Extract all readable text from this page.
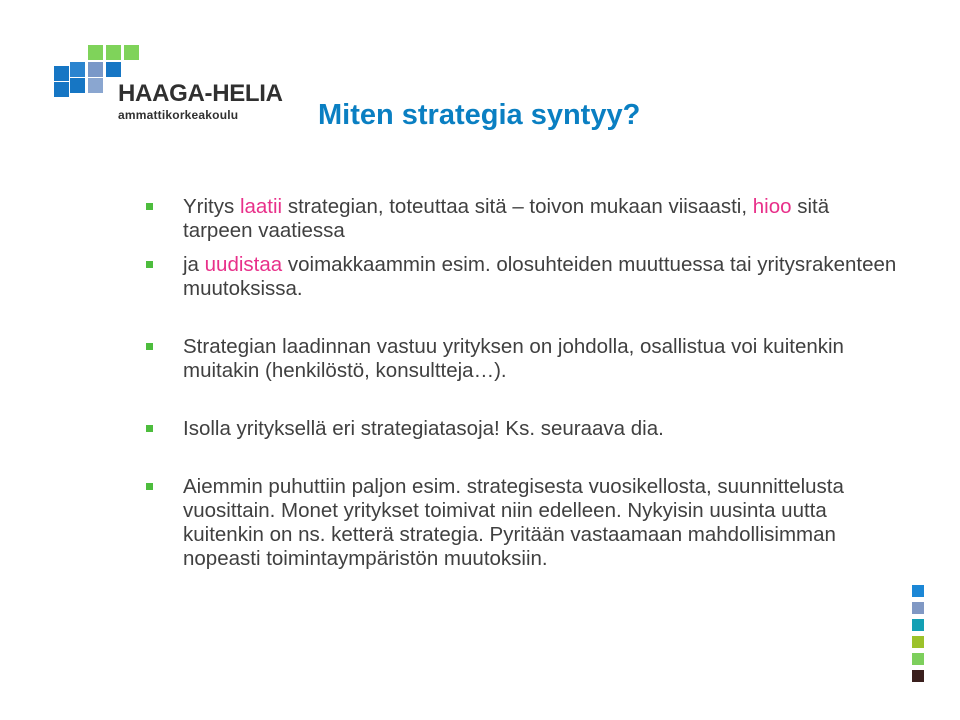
HAAGA-HELIA
ammattikorkeakoulu	Miten strategia syntyy?
Yritys laatii strategian, toteuttaa sitä – toivon mukaan viisaasti, hioo sitä tarpeen vaatiessa
ja uudistaa voimakkaammin esim. olosuhteiden muuttuessa tai yritysrakenteen muutoksissa.
Strategian laadinnan vastuu yrityksen on johdolla, osallistua voi kuitenkin muitakin (henkilöstö, konsultteja…).
Isolla yrityksellä eri strategiatasoja! Ks. seuraava dia.
Aiemmin puhuttiin paljon esim. strategisesta vuosikellosta, suunnittelusta vuosittain. Monet yritykset toimivat niin edelleen. Nykyisin uusinta uutta kuitenkin on ns. ketterä strategia. Pyritään vastaamaan mahdollisimman nopeasti toimintaympäristön muutoksiin.
